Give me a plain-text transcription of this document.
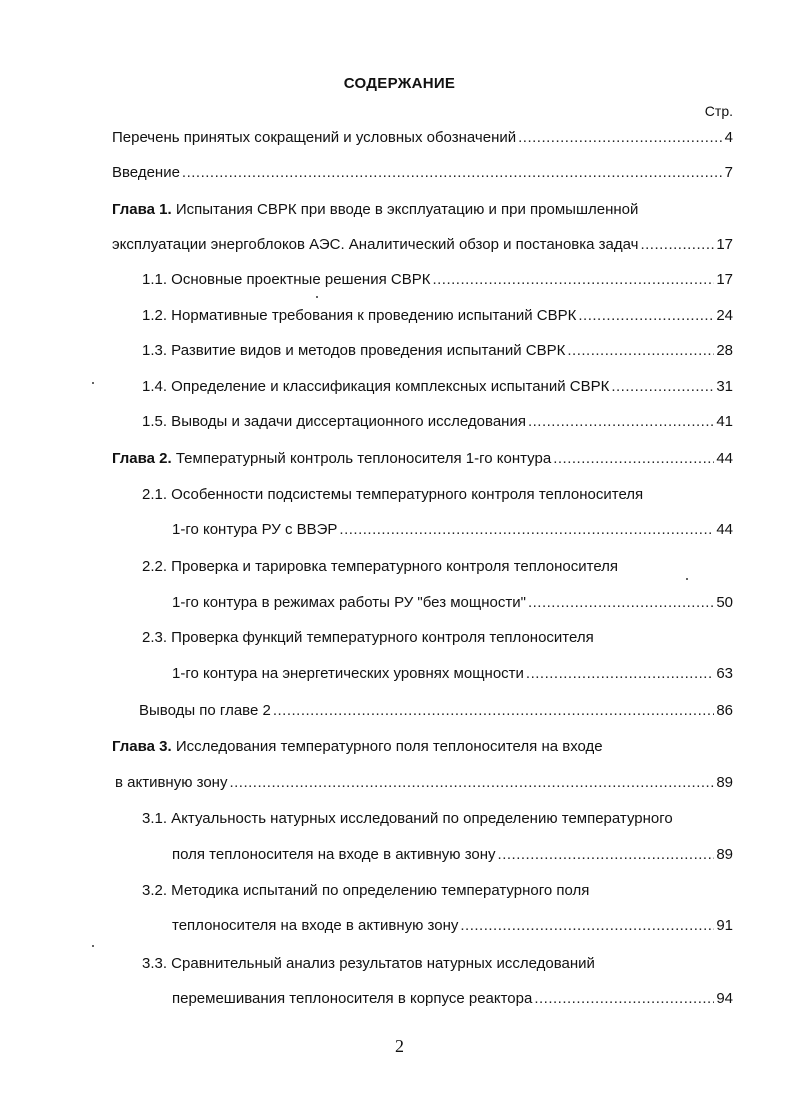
СОДЕРЖАНИЕ
Стр.
Перечень принятых сокращений и условных обозначений .....	4
Введение .....	7
Глава 1. Испытания СВРК при вводе в эксплуатацию и при промышленной
эксплуатации энергоблоков АЭС. Аналитический обзор и постановка задач .....	17
1.1. Основные проектные решения СВРК .....	17
1.2. Нормативные требования к проведению испытаний СВРК .....	24
1.3. Развитие видов и методов проведения испытаний СВРК .....	28
1.4. Определение и классификация комплексных испытаний СВРК .....	31
1.5. Выводы и задачи диссертационного исследования .....	41
Глава 2. Температурный контроль теплоносителя 1-го контура .....	44
2.1. Особенности подсистемы температурного контроля теплоносителя
1-го контура РУ с ВВЭР .....	44
2.2. Проверка и тарировка температурного контроля теплоносителя
1-го контура в режимах работы РУ "без мощности" .....	50
2.3. Проверка функций температурного контроля теплоносителя
1-го контура на энергетических уровнях мощности .....	63
Выводы по главе 2 .....	86
Глава 3. Исследования температурного поля теплоносителя на входе
в активную зону .....	89
3.1. Актуальность натурных исследований по определению температурного
поля теплоносителя на входе в активную зону .....	89
3.2. Методика испытаний по определению температурного поля
теплоносителя на входе в активную зону .....	91
3.3. Сравнительный анализ результатов натурных исследований
перемешивания теплоносителя в корпусе реактора .....	94
2
